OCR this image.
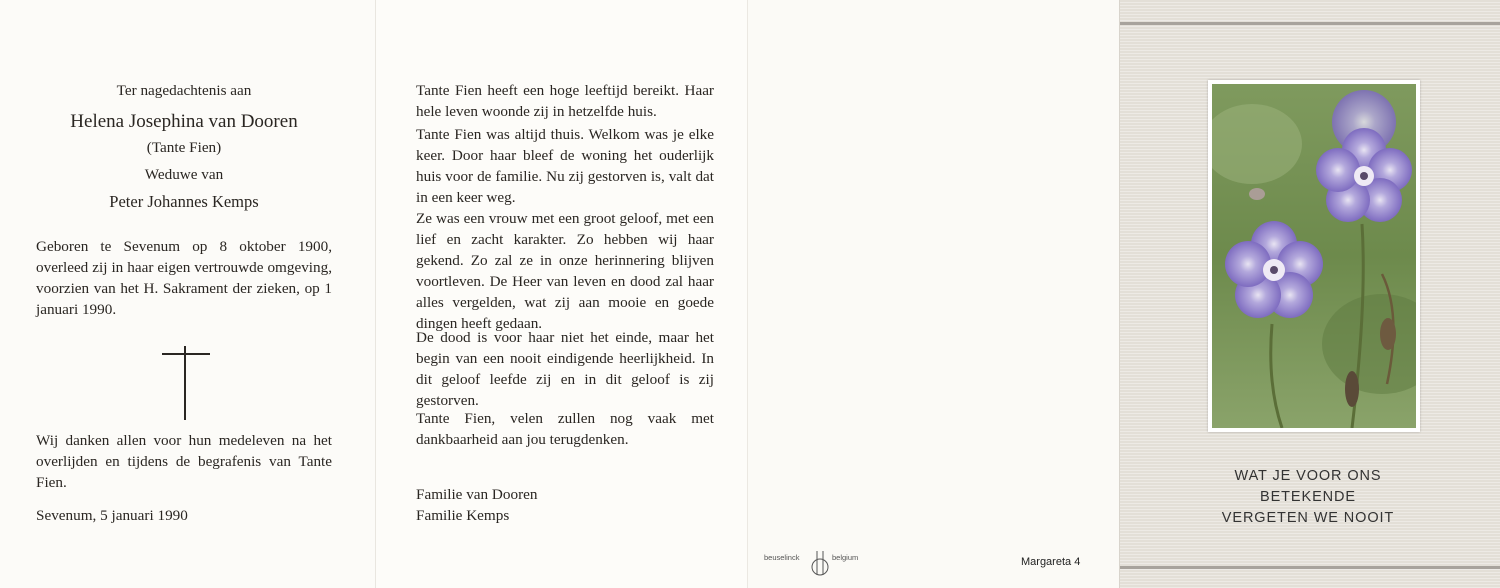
Ter nagedachtenis aan
Helena Josephina van Dooren
(Tante Fien)
Weduwe van
Peter Johannes Kemps
Geboren te Sevenum op 8 oktober 1900, overleed zij in haar eigen vertrouwde omgeving, voorzien van het H. Sakrament der zieken, op 1 januari 1990.
Wij danken allen voor hun medeleven na het overlijden en tijdens de begrafenis van Tante Fien.
Sevenum, 5 januari 1990
Tante Fien heeft een hoge leeftijd bereikt. Haar hele leven woonde zij in hetzelfde huis.
Tante Fien was altijd thuis. Welkom was je elke keer. Door haar bleef de woning het ouderlijk huis voor de familie. Nu zij gestorven is, valt dat in een keer weg.
Ze was een vrouw met een groot geloof, met een lief en zacht karakter. Zo hebben wij haar gekend. Zo zal ze in onze herinnering blijven voortleven. De Heer van leven en dood zal haar alles vergelden, wat zij aan mooie en goede dingen heeft gedaan.
De dood is voor haar niet het einde, maar het begin van een nooit eindigende heerlijkheid. In dit geloof leefde zij en in dit geloof is zij gestorven.
Tante Fien, velen zullen nog vaak met dankbaarheid aan jou terugdenken.
Familie van Dooren
Familie Kemps
beuselinck	belgium	Margareta 4
WAT JE VOOR ONS
BETEKENDE
VERGETEN WE NOOIT
